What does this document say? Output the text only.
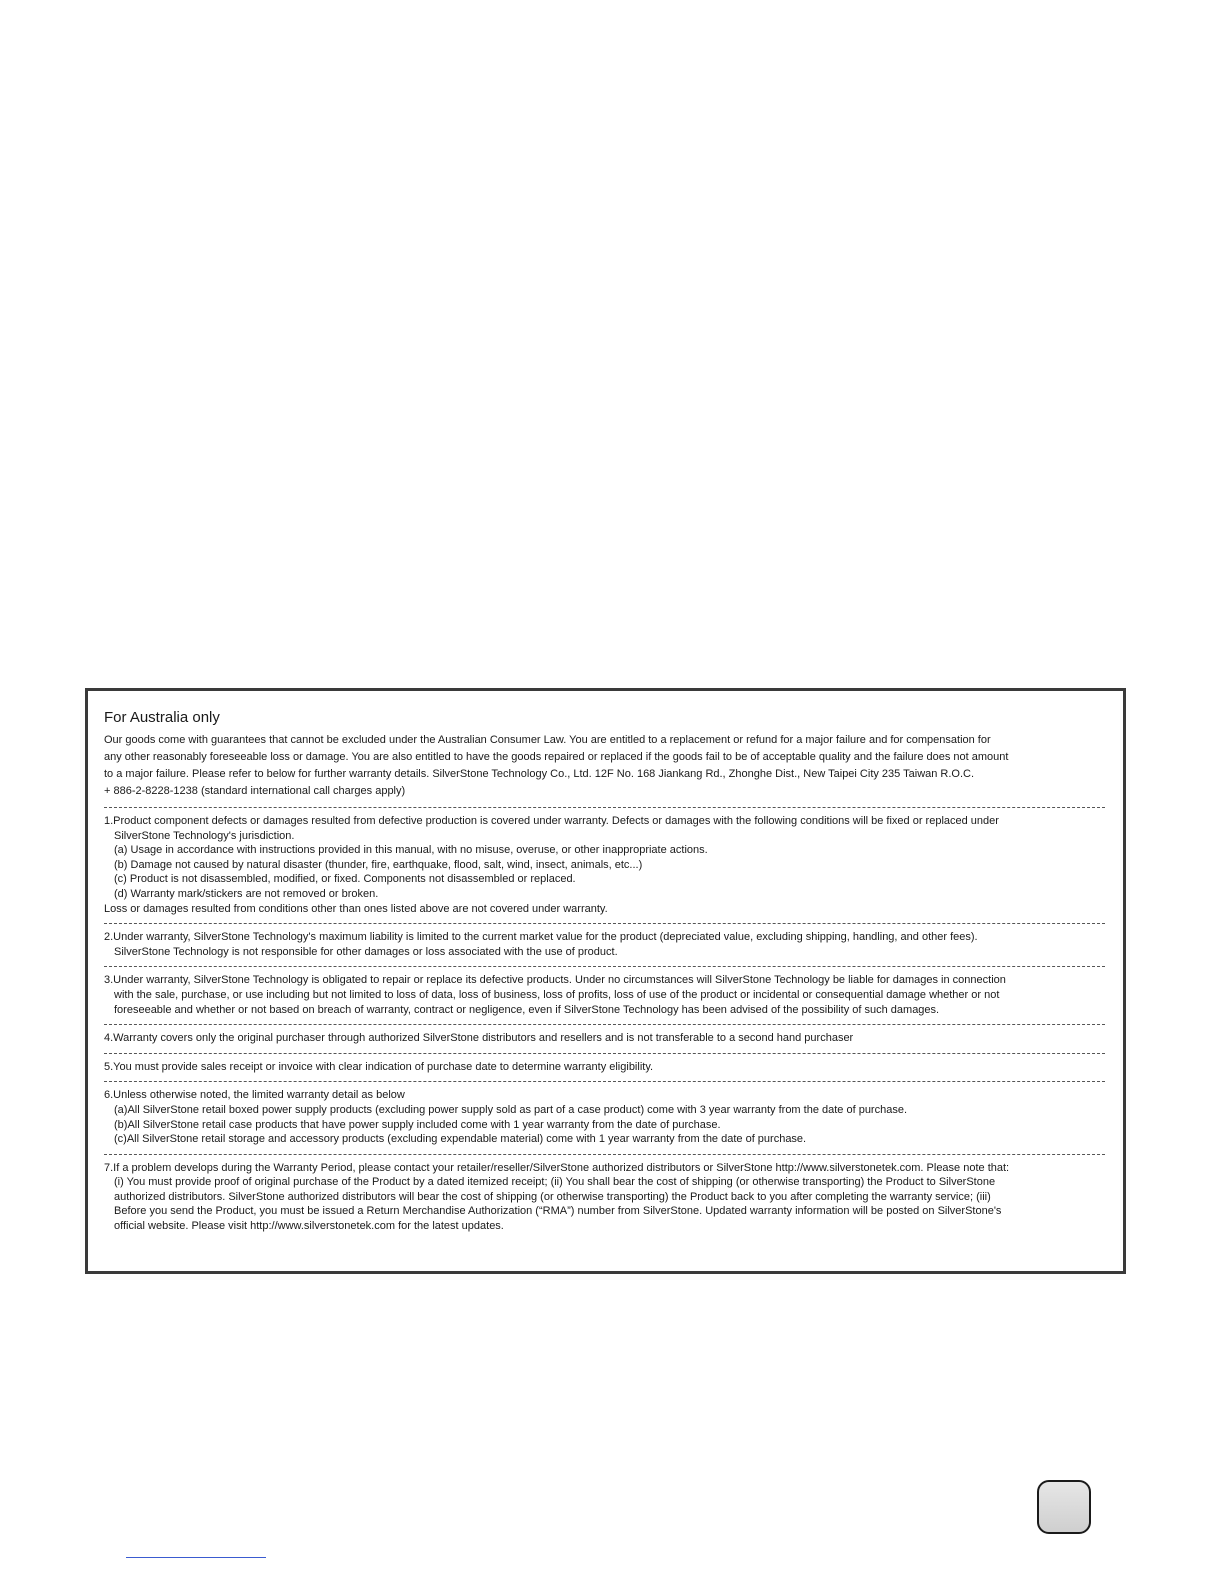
For Australia only

Our goods come with guarantees that cannot be excluded under the Australian Consumer Law. You are entitled to a replacement or refund for a major failure and for compensation for

any other reasonably foreseeable loss or damage. You are also entitled to have the goods repaired or replaced if the goods fail to be of acceptable quality and the failure does not amount

to a major failure. Please refer to below for further warranty details. SilverStone Technology Co., Ltd. 12F No. 168 Jiankang Rd., Zhonghe Dist., New Taipei City 235 Taiwan R.O.C.

+ 886-2-8228-1238 (standard international call charges apply)

1.Product component defects or damages resulted from defective production is covered under warranty. Defects or damages with the following conditions will be fixed or replaced under

SilverStone Technology's jurisdiction.

(a) Usage in accordance with instructions provided in this manual, with no misuse, overuse, or other inappropriate actions.

(b) Damage not caused by natural disaster (thunder, fire, earthquake, flood, salt, wind, insect, animals, etc...)

(c) Product is not disassembled, modified, or fixed. Components not disassembled or replaced.

(d) Warranty mark/stickers are not removed or broken.

Loss or damages resulted from conditions other than ones listed above are not covered under warranty.

2.Under warranty, SilverStone Technology's maximum liability is limited to the current market value for the product (depreciated value, excluding shipping, handling, and other fees).

SilverStone Technology is not responsible for other damages or loss associated with the use of product.

3.Under warranty, SilverStone Technology is obligated to repair or replace its defective products. Under no circumstances will SilverStone Technology be liable for damages in connection

with the sale, purchase, or use including but not limited to loss of data, loss of business, loss of profits, loss of use of the product or incidental or consequential damage whether or not

foreseeable and whether or not based on breach of warranty, contract or negligence, even if SilverStone Technology has been advised of the possibility of such damages.

4.Warranty covers only the original purchaser through authorized SilverStone distributors and resellers and is not transferable to a second hand purchaser

5.You must provide sales receipt or invoice with clear indication of purchase date to determine warranty eligibility.

6.Unless otherwise noted, the limited warranty detail as below

(a)All SilverStone retail boxed power supply products (excluding power supply sold as part of a case product) come with 3 year warranty from the date of purchase.

(b)All SilverStone retail case products that have power supply included come with 1 year warranty from the date of purchase.

(c)All SilverStone retail storage and accessory products (excluding expendable material) come with 1 year warranty from the date of purchase.

7.If a problem develops during the Warranty Period, please contact your retailer/reseller/SilverStone authorized distributors or SilverStone http://www.silverstonetek.com. Please note that:

(i) You must provide proof of original purchase of the Product by a dated itemized receipt; (ii) You shall bear the cost of shipping (or otherwise transporting) the Product to SilverStone

authorized distributors. SilverStone authorized distributors will bear the cost of shipping (or otherwise transporting) the Product back to you after completing the warranty service; (iii)

Before you send the Product, you must be issued a Return Merchandise Authorization (“RMA”) number from SilverStone. Updated warranty information will be posted on SilverStone's

official website. Please visit http://www.silverstonetek.com for the latest updates.
